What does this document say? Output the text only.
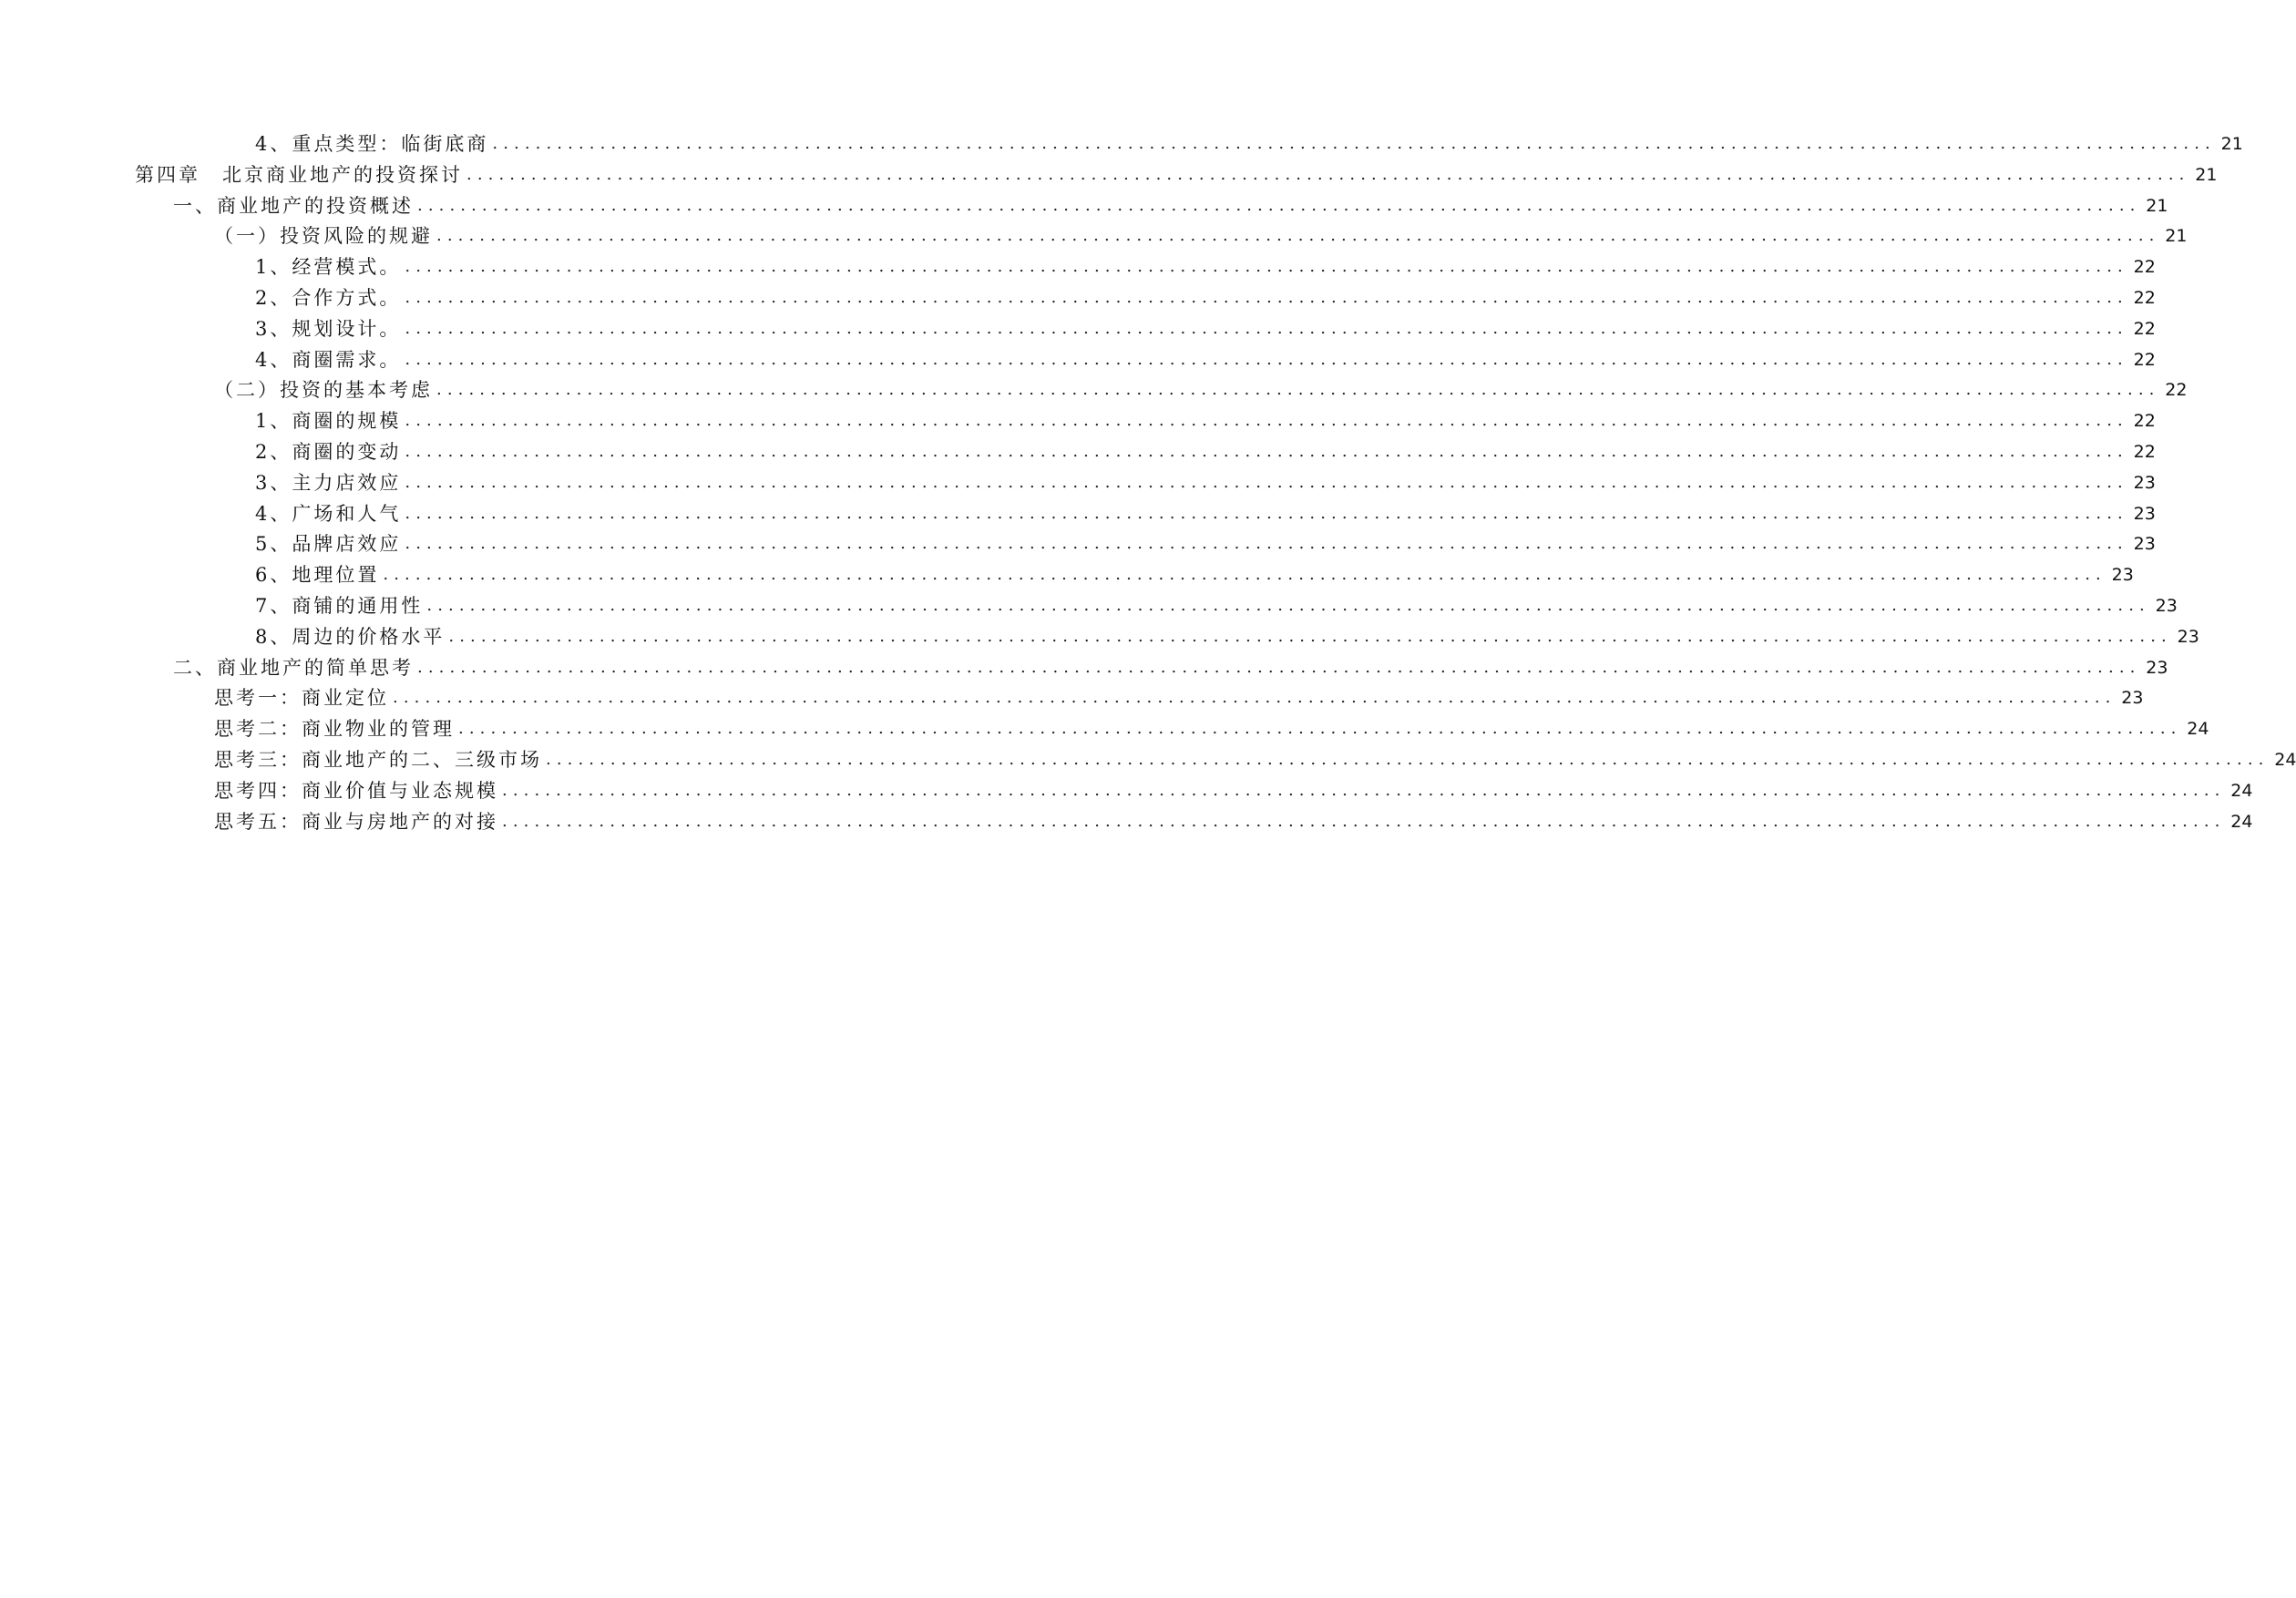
4、重点类型：临街底商 ................................................................................................................................................................ 21
第四章　北京商业地产的投资探讨 ................................................................................................................................................................ 21
一、商业地产的投资概述 ................................................................................................................................................................ 21
（一）投资风险的规避 ................................................................................................................................................................ 21
1、经营模式。 ................................................................................................................................................................ 22
2、合作方式。 ................................................................................................................................................................ 22
3、规划设计。 ................................................................................................................................................................ 22
4、商圈需求。 ................................................................................................................................................................ 22
（二）投资的基本考虑 ................................................................................................................................................................ 22
1、商圈的规模 ................................................................................................................................................................ 22
2、商圈的变动 ................................................................................................................................................................ 22
3、主力店效应 ................................................................................................................................................................ 23
4、广场和人气 ................................................................................................................................................................ 23
5、品牌店效应 ................................................................................................................................................................ 23
6、地理位置 ................................................................................................................................................................ 23
7、商铺的通用性 ................................................................................................................................................................ 23
8、周边的价格水平 ................................................................................................................................................................ 23
二、商业地产的简单思考 ................................................................................................................................................................ 23
思考一：商业定位 ................................................................................................................................................................ 23
思考二：商业物业的管理 ................................................................................................................................................................ 24
思考三：商业地产的二、三级市场 ................................................................................................................................................................ 24
思考四：商业价值与业态规模 ................................................................................................................................................................ 24
思考五：商业与房地产的对接 ................................................................................................................................................................ 24
